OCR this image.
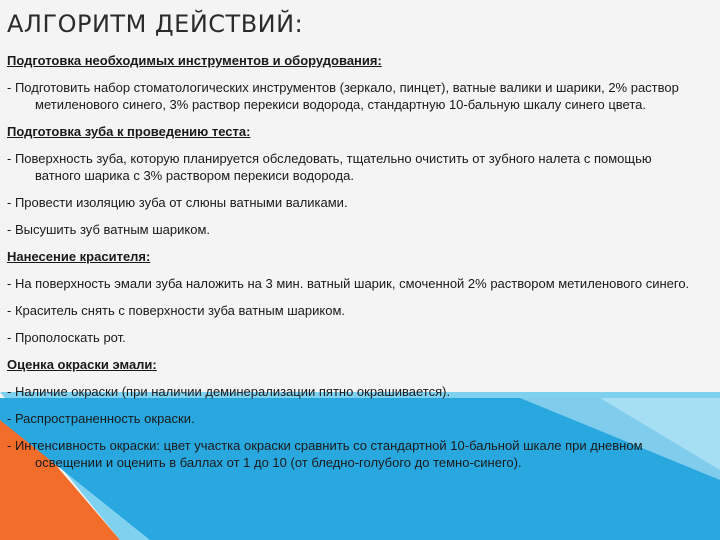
АЛГОРИТМ ДЕЙСТВИЙ:

Подготовка необходимых инструментов и оборудования:

- Подготовить набор стоматологических инструментов (зеркало, пинцет), ватные валики и шарики, 2% раствор метиленового синего, 3% раствор перекиси водорода, стандартную 10-бальную шкалу синего цвета.

Подготовка зуба к проведению теста:

- Поверхность зуба, которую планируется обследовать, тщательно очистить от зубного налета с помощью ватного шарика с 3% раствором перекиси водорода.

- Провести изоляцию зуба от слюны ватными валиками.

- Высушить зуб ватным шариком.

Нанесение красителя:

- На поверхность эмали зуба наложить на 3 мин. ватный шарик, смоченной 2% раствором метиленового синего.

- Краситель снять с поверхности зуба ватным шариком.

- Прополоскать рот.

Оценка окраски эмали:

- Наличие окраски (при наличии деминерализации пятно окрашивается).

- Распространенность окраски.

- Интенсивность окраски: цвет участка окраски сравнить со стандартной 10-бальной шкале при дневном освещении и оценить в баллах от 1 до 10 (от бледно-голубого до темно-синего).
